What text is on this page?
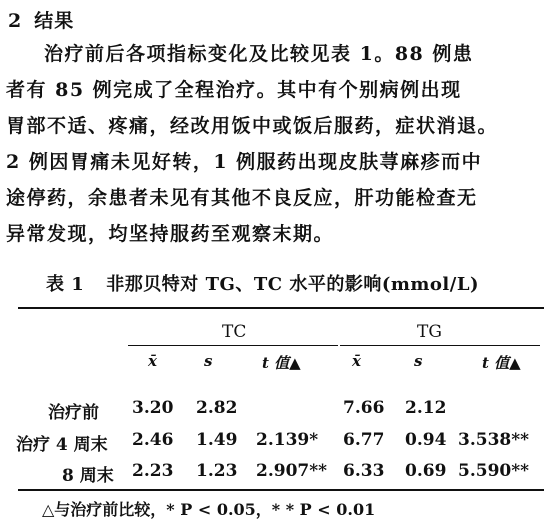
2 结果
治疗前后各项指标变化及比较见表 1。88 例患
者有 85 例完成了全程治疗。其中有个别病例出现
胃部不适、疼痛，经改用饭中或饭后服药，症状消退。
2 例因胃痛未见好转，1 例服药出现皮肤荨麻疹而中
途停药，余患者未见有其他不良反应，肝功能检查无
异常发现，均坚持服药至观察末期。
表 1 非那贝特对 TG、TC 水平的影响(mmol/L)
TC	TG
x̄	s	t 值▲	x̄	s	t 值▲
治疗前 3.20 2.82	7.66 2.12
治疗 4 周末 2.46 1.49 2.139* 6.77 0.94 3.538**
8 周末 2.23 1.23 2.907** 6.33 0.69 5.590**
△与治疗前比较，* P < 0.05，* * P < 0.01
